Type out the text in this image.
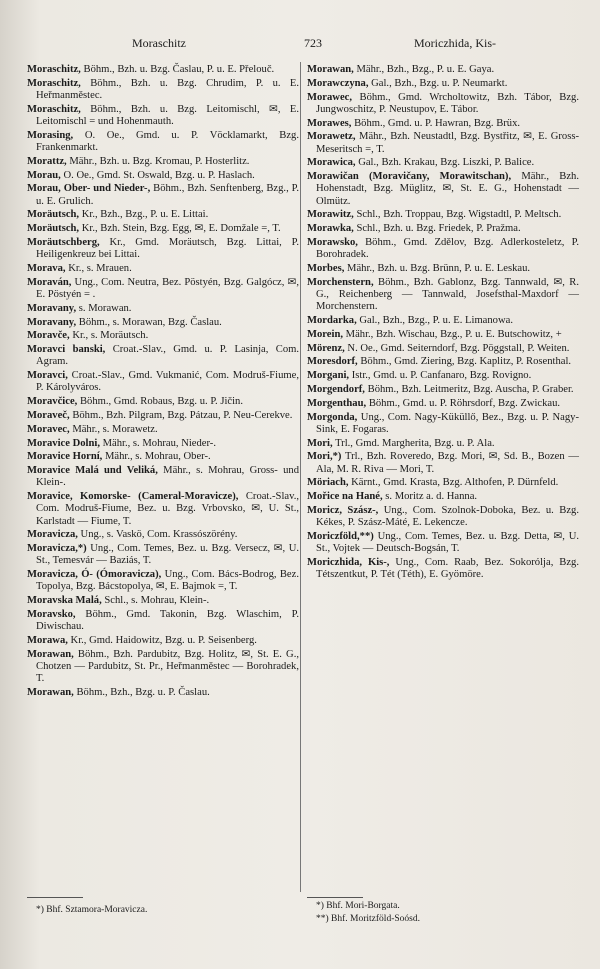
Moraschitz	723	Moriczhida, Kis-
Moraschitz, Böhm., Bzh. u. Bzg. Časlau, P. u. E. Přelouč.
Moraschitz, Böhm., Bzh. u. Bzg. Chrudim, P. u. E. Heřmanměstec.
Moraschitz, Böhm., Bzh. u. Bzg. Leitomischl, ✉, E. Leitomischl = und Hohenmauth.
Morasing, O. Oe., Gmd. u. P. Vöcklamarkt, Bzg. Frankenmarkt.
Morattz, Mähr., Bzh. u. Bzg. Kromau, P. Hosterlitz.
Morau, O. Oe., Gmd. St. Oswald, Bzg. u. P. Haslach.
Morau, Ober- und Nieder-, Böhm., Bzh. Senftenberg, Bzg., P. u. E. Grulich.
Moräutsch, Kr., Bzh., Bzg., P. u. E. Littai.
Moräutsch, Kr., Bzh. Stein, Bzg. Egg, ✉, E. Domžale =, T.
Moräutschberg, Kr., Gmd. Moräutsch, Bzg. Littai, P. Heiligenkreuz bei Littai.
Morava, Kr., s. Mrauen.
Moraván, Ung., Com. Neutra, Bez. Pöstyén, Bzg. Galgócz, ✉, E. Pöstyén = .
Moravany, s. Morawan.
Moravany, Böhm., s. Morawan, Bzg. Časlau.
Moravče, Kr., s. Moräutsch.
Moravci banski, Croat.-Slav., Gmd. u. P. Lasinja, Com. Agram.
Moravci, Croat.-Slav., Gmd. Vukmanić, Com. Modruš-Fiume, P. Károlyváros.
Moravčice, Böhm., Gmd. Robaus, Bzg. u. P. Jičin.
Moraveč, Böhm., Bzh. Pilgram, Bzg. Pátzau, P. Neu-Cerekve.
Moravec, Mähr., s. Morawetz.
Moravice Dolni, Mähr., s. Mohrau, Nieder-.
Moravice Horní, Mähr., s. Mohrau, Ober-.
Moravice Malá und Veliká, Mähr., s. Mohrau, Gross- und Klein-.
Moravice, Komorske- (Cameral-Moravicze), Croat.-Slav., Com. Modruš-Fiume, Bez. u. Bzg. Vrbovsko, ✉, U. St., Karlstadt — Fiume, T.
Moravicza, Ung., s. Vaskö, Com. Krassószörény.
Moravicza,*) Ung., Com. Temes, Bez. u. Bzg. Versecz, ✉, U. St., Temesvár — Baziás, T.
Moravicza, Ó- (Ómoravicza), Ung., Com. Bács-Bodrog, Bez. Topolya, Bzg. Bácstopolya, ✉, E. Bajmok =, T.
Moravska Malá, Schl., s. Mohrau, Klein-.
Moravsko, Böhm., Gmd. Takonin, Bzg. Wlaschim, P. Diwischau.
Morawa, Kr., Gmd. Haidowitz, Bzg. u. P. Seisenberg.
Morawan, Böhm., Bzh. Pardubitz, Bzg. Holitz, ✉, St. E. G., Chotzen — Pardubitz, St. Pr., Heřmanměstec — Borohradek, T.
Morawan, Böhm., Bzh., Bzg. u. P. Časlau.
Morawan, Mähr., Bzh., Bzg., P. u. E. Gaya.
Morawczyna, Gal., Bzh., Bzg. u. P. Neumarkt.
Morawec, Böhm., Gmd. Wrcholtowitz, Bzh. Tábor, Bzg. Jungwoschitz, P. Neustupov, E. Tábor.
Morawes, Böhm., Gmd. u. P. Hawran, Bzg. Brüx.
Morawetz, Mähr., Bzh. Neustadtl, Bzg. Bystřitz, ✉, E. Gross-Meseritsch =, T.
Morawica, Gal., Bzh. Krakau, Bzg. Liszki, P. Balice.
Morawičan (Moravičany, Morawitschan), Mähr., Bzh. Hohenstadt, Bzg. Müglitz, ✉, St. E. G., Hohenstadt — Olmütz.
Morawitz, Schl., Bzh. Troppau, Bzg. Wigstadtl, P. Meltsch.
Morawka, Schl., Bzh. u. Bzg. Friedek, P. Pražma.
Morawsko, Böhm., Gmd. Zdělov, Bzg. Adlerkosteletz, P. Borohradek.
Morbes, Mähr., Bzh. u. Bzg. Brünn, P. u. E. Leskau.
Morchenstern, Böhm., Bzh. Gablonz, Bzg. Tannwald, ✉, R. G., Reichenberg — Tannwald, Josefsthal-Maxdorf — Morchenstern.
Mordarka, Gal., Bzh., Bzg., P. u. E. Limanowa.
Morein, Mähr., Bzh. Wischau, Bzg., P. u. E. Butschowitz, +
Mörenz, N. Oe., Gmd. Seiterndorf, Bzg. Pöggstall, P. Weiten.
Moresdorf, Böhm., Gmd. Ziering, Bzg. Kaplitz, P. Rosenthal.
Morgani, Istr., Gmd. u. P. Canfanaro, Bzg. Rovigno.
Morgendorf, Böhm., Bzh. Leitmeritz, Bzg. Auscha, P. Graber.
Morgenthau, Böhm., Gmd. u. P. Röhrsdorf, Bzg. Zwickau.
Morgonda, Ung., Com. Nagy-Küküllő, Bez., Bzg. u. P. Nagy-Sink, E. Fogaras.
Mori, Trl., Gmd. Margherita, Bzg. u. P. Ala.
Mori,*) Trl., Bzh. Roveredo, Bzg. Mori, ✉, Sd. B., Bozen — Ala, M. R. Riva — Mori, T.
Möriach, Kärnt., Gmd. Krasta, Bzg. Althofen, P. Dürnfeld.
Mořice na Hané, s. Moritz a. d. Hanna.
Moricz, Szász-, Ung., Com. Szolnok-Doboka, Bez. u. Bzg. Kékes, P. Szász-Máté, E. Lekencze.
Moriczföld,**) Ung., Com. Temes, Bez. u. Bzg. Detta, ✉, U. St., Vojtek — Deutsch-Bogsán, T.
Moriczhida, Kis-, Ung., Com. Raab, Bez. Sokorólja, Bzg. Tétszentkut, P. Tét (Téth), E. Gyömöre.
*) Bhf. Sztamora-Moravicza.	*) Bhf. Mori-Borgata.
**) Bhf. Moritzföld-Soósd.
